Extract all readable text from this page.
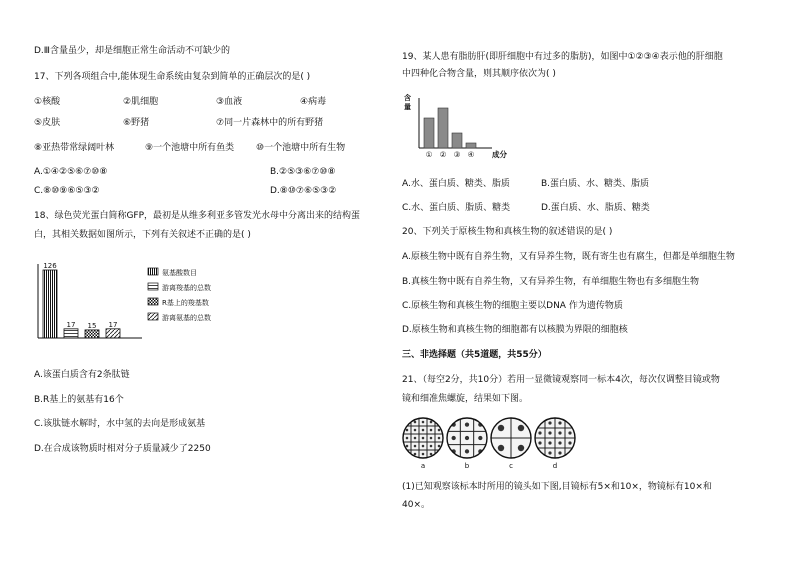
D.Ⅲ含量虽少，却是细胞正常生命活动不可缺少的
17、下列各项组合中,能体现生命系统由复杂到简单的正确层次的是( )
①核酸	②肌细胞	③血液	④病毒
⑤皮肤	⑥野猪	⑦同一片森林中的所有野猪
⑧亚热带常绿阔叶林	⑨一个池塘中所有鱼类 ⑩一个池塘中所有生物
A.①④②⑤⑥⑦⑩⑧	B.②⑤③⑥⑦⑩⑧
C.⑧⑩⑨⑥⑤③②	D.⑧⑩⑦⑥⑤③②
18、绿色荧光蛋白简称GFP，最初是从维多利亚多管发光水母中分离出来的结构蛋
白，其相关数据如图所示，下列有关叙述不正确的是( )
126
17 15 17
氨基酸数目
游离羧基的总数
R基上的羧基数
游离氨基的总数
A.该蛋白质含有2条肽链
B.R基上的氨基有16个
C.该肽链水解时，水中氢的去向是形成氨基
D.在合成该物质时相对分子质量减少了2250
19、某人患有脂肪肝(即肝细胞中有过多的脂肪)，如图中①②③④表示他的肝细胞
中四种化合物含量，则其顺序依次为( )
含
量
① ② ③ ④ 成分
A.水、蛋白质、糖类、脂质	B.蛋白质、水、糖类、脂质
C.水、蛋白质、脂质、糖类	D.蛋白质、水、脂质、糖类
20、下列关于原核生物和真核生物的叙述错误的是( )
A.原核生物中既有自养生物，又有异养生物，既有寄生也有腐生，但都是单细胞生物
B.真核生物中既有自养生物，又有异养生物，有单细胞生物也有多细胞生物
C.原核生物和真核生物的细胞主要以DNA 作为遗传物质
D.原核生物和真核生物的细胞都有以核膜为界限的细胞核
三、非选择题（共5道题，共55分）
21、（每空2分，共10分）若用一显微镜观察同一标本4次，每次仅调整目镜或物
镜和细准焦螺旋，结果如下图。
a	b	c	d
(1)已知观察该标本时所用的镜头如下图,目镜标有5×和10×，物镜标有10×和
40×。
